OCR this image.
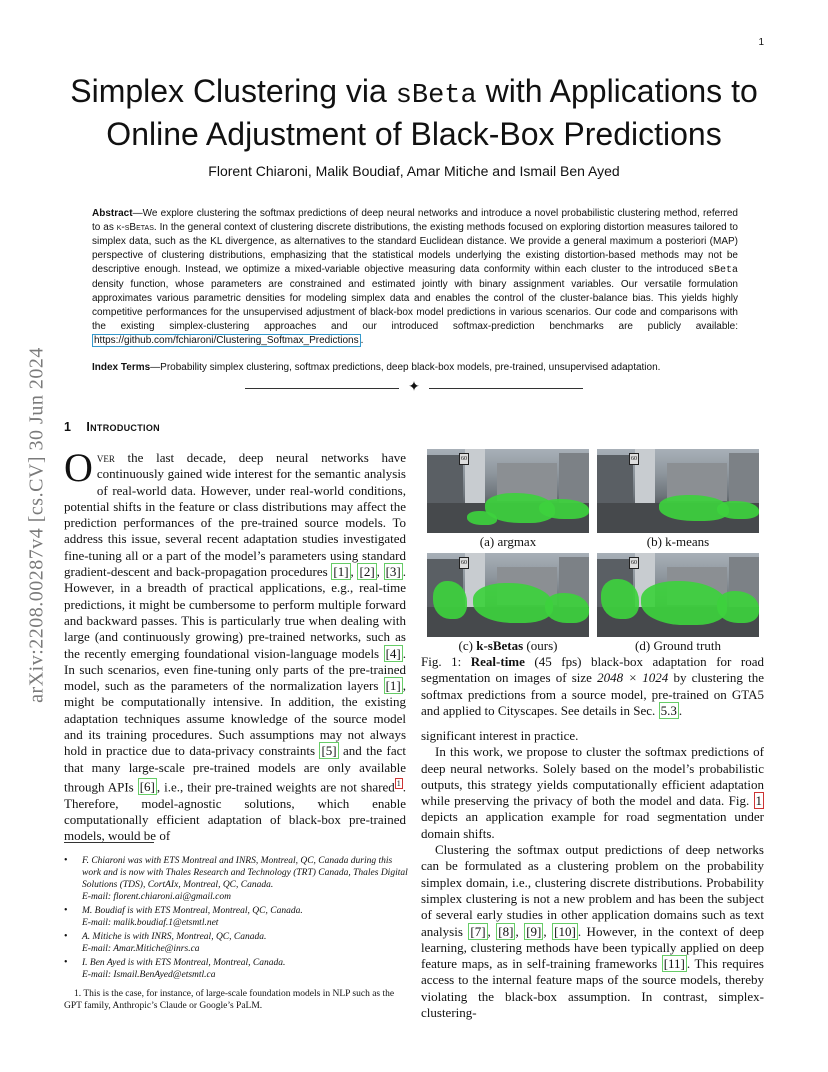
1
arXiv:2208.00287v4 [cs.CV] 30 Jun 2024
Simplex Clustering via sBeta with Applications to
Online Adjustment of Black-Box Predictions
Florent Chiaroni, Malik Boudiaf, Amar Mitiche and Ismail Ben Ayed
Abstract—We explore clustering the softmax predictions of deep neural networks and introduce a novel probabilistic clustering method, referred to as k-sBetas. In the general context of clustering discrete distributions, the existing methods focused on exploring distortion measures tailored to simplex data, such as the KL divergence, as alternatives to the standard Euclidean distance. We provide a general maximum a posteriori (MAP) perspective of clustering distributions, emphasizing that the statistical models underlying the existing distortion-based methods may not be descriptive enough. Instead, we optimize a mixed-variable objective measuring data conformity within each cluster to the introduced sBeta density function, whose parameters are constrained and estimated jointly with binary assignment variables. Our versatile formulation approximates various parametric densities for modeling simplex data and enables the control of the cluster-balance bias. This yields highly competitive performances for the unsupervised adjustment of black-box model predictions in various scenarios. Our code and comparisons with the existing simplex-clustering approaches and our introduced softmax-prediction benchmarks are publicly available: https://github.com/fchiaroni/Clustering_Softmax_Predictions .
Index Terms—Probability simplex clustering, softmax predictions, deep black-box models, pre-trained, unsupervised adaptation.
✦
1 Introduction

Over the last decade, deep neural networks have continuously gained wide interest for the semantic analysis of real-world data. However, under real-world conditions, potential shifts in the feature or class distributions may affect the prediction performances of the pre-trained source models. To address this issue, several recent adaptation studies investigated fine-tuning all or a part of the model’s parameters using standard gradient-descent and back-propagation procedures [1] , [2] , [3] . However, in a breadth of practical applications, e.g., real-time predictions, it might be cumbersome to perform multiple forward and backward passes. This is particularly true when dealing with large (and continuously growing) pre-trained networks, such as the recently emerging foundational vision-language models [4] . In such scenarios, even fine-tuning only parts of the pre-trained model, such as the parameters of the normalization layers [1] , might be computationally intensive. In addition, the existing adaptation techniques assume knowledge of the source model and its training procedures. Such assumptions may not always hold in practice due to data-privacy constraints [5] and the fact that many large-scale pre-trained models are only available through APIs [6] , i.e., their pre-trained weights are not shared $^1$ . Therefore, model-agnostic solutions, which enable computationally efficient adaptation of black-box pre-trained models, would be of

• F. Chiaroni was with ETS Montreal and INRS, Montreal, QC, Canada during this work and is now with Thales Research and Technology (TRT) Canada, Thales Digital Solutions (TDS), CortAIx, Montreal, QC, Canada.
E-mail: florent.chiaroni.ai@gmail.com
• M. Boudiaf is with ETS Montreal, Montreal, QC, Canada.
E-mail: malik.boudiaf.1@etsmtl.net
• A. Mitiche is with INRS, Montreal, QC, Canada.
E-mail: Amar.Mitiche@inrs.ca
• I. Ben Ayed is with ETS Montreal, Montreal, Canada.
E-mail: Ismail.BenAyed@etsmtl.ca
1. This is the case, for instance, of large-scale foundation models in NLP such as the GPT family, Anthropic’s Claude or Google’s PaLM.
60
(a) argmax
60
(b) k-means
60
(c) k-sBetas (ours)
60
(d) Ground truth
Fig. 1: Real-time (45 fps) black-box adaptation for road segmentation on images of size 2048 × 1024 by clustering the softmax predictions from a source model, pre-trained on GTA5 and applied to Cityscapes. See details in Sec. 5.3 .

significant interest in practice.

In this work, we propose to cluster the softmax predictions of deep neural networks. Solely based on the model’s probabilistic outputs, this strategy yields computationally efficient adaptation while preserving the privacy of both the model and data. Fig. 1 depicts an application example for road segmentation under domain shifts.

Clustering the softmax output predictions of deep networks can be formulated as a clustering problem on the probability simplex domain, i.e., clustering discrete distributions. Probability simplex clustering is not a new problem and has been the subject of several early studies in other application domains such as text analysis [7] , [8] , [9] , [10] . However, in the context of deep learning, clustering methods have been typically applied on deep feature maps, as in self-training frameworks [11] . This requires access to the internal feature maps of the source models, thereby violating the black-box assumption. In contrast, simplex-clustering-
